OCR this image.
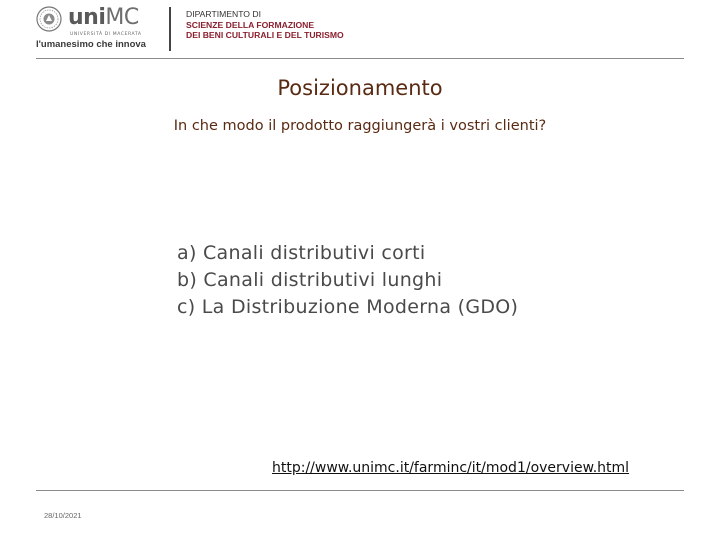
uniMC
UNIVERSITÀ DI MACERATA
l'umanesimo che innova
DIPARTIMENTO DI
SCIENZE DELLA FORMAZIONE
DEI BENI CULTURALI E DEL TURISMO
Posizionamento
In che modo il prodotto raggiungerà i vostri clienti?
a) Canali distributivi corti
b) Canali distributivi lunghi
c) La Distribuzione Moderna (GDO)
http://www.unimc.it/farminc/it/mod1/overview.html
28/10/2021
